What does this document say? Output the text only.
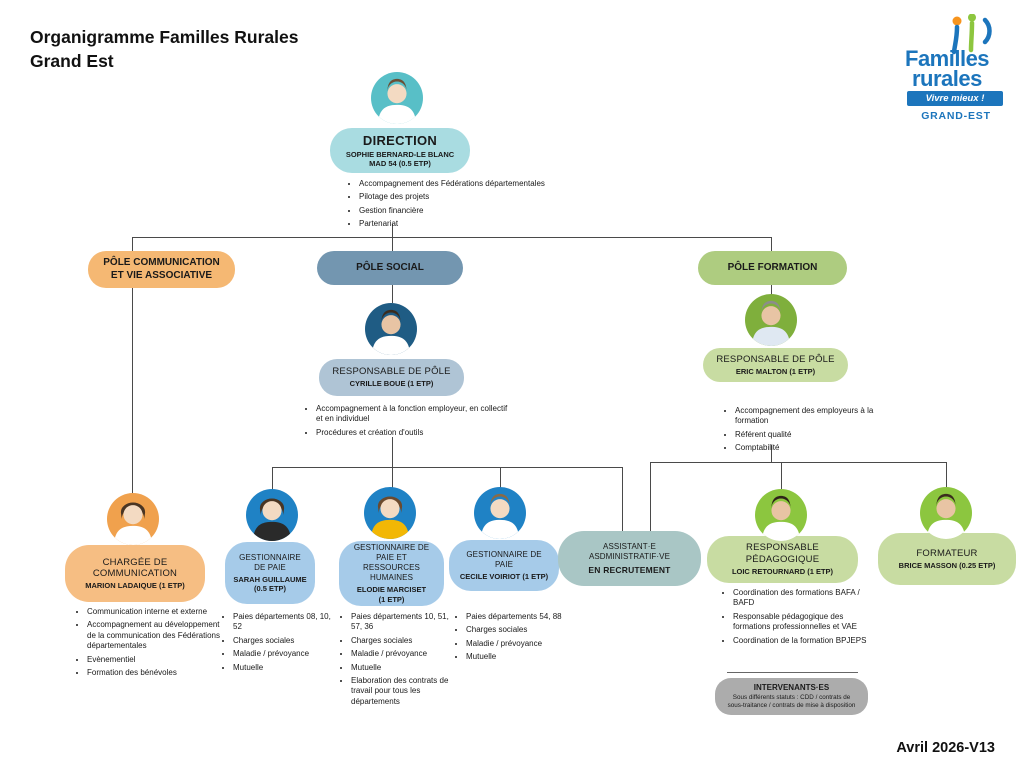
Organigramme Familles Rurales Grand Est	Familles
rurales
Vivre mieux !
GRAND-EST
DIRECTION
SOPHIE BERNARD-LE BLANC
MAD 54 (0.5 ETP)
• Accompagnement des Fédérations départementales
• Pilotage des projets
• Gestion financière
• Partenariat
PÔLE COMMUNICATION ET VIE ASSOCIATIVE
PÔLE SOCIAL	PÔLE FORMATION
RESPONSABLE DE PÔLE
CYRILLE BOUE (1 ETP)
• Accompagnement à la fonction employeur, en collectif et en individuel
• Procédures et création d'outils
RESPONSABLE DE PÔLE
ERIC MALTON (1 ETP)
• Accompagnement des employeurs à la formation
• Référent qualité
• Comptabilité
CHARGÉE DE COMMUNICATION
MARION LADAIQUE (1 ETP)
• Communication interne et externe
• Accompagnement au développement de la communication des Fédérations départementales
• Evènementiel
• Formation des bénévoles
GESTIONNAIRE DE PAIE
SARAH GUILLAUME
(0.5 ETP)
• Paies départements 08, 10, 52
• Charges sociales
• Maladie / prévoyance
• Mutuelle
GESTIONNAIRE DE PAIE ET RESSOURCES HUMAINES
ELODIE MARCISET
(1 ETP)
• Paies départements 10, 51, 57, 36
• Charges sociales
• Maladie / prévoyance
• Mutuelle
• Elaboration des contrats de travail pour tous les départements
GESTIONNAIRE DE PAIE
CECILE VOIRIOT (1 ETP)
• Paies départements 54, 88
• Charges sociales
• Maladie / prévoyance
• Mutuelle
ASSISTANT·E
ASDMINISTRATIF·VE
EN RECRUTEMENT
RESPONSABLE PÉDAGOGIQUE
LOIC RETOURNARD (1 ETP)
• Coordination des formations BAFA / BAFD
• Responsable pédagogique des formations professionnelles et VAE
• Coordination de la formation BPJEPS
FORMATEUR
BRICE MASSON (0.25 ETP)
INTERVENANTS·ES
Sous différents statuts : CDD / contrats de sous-traitance / contrats de mise à disposition
Avril 2026-V13
